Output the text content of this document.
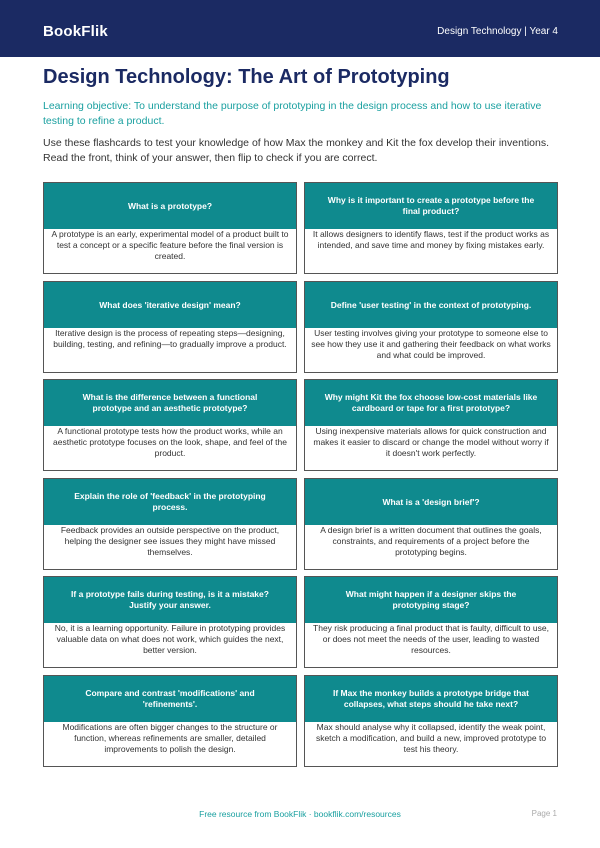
BookFlik	Design Technology | Year 4
Design Technology: The Art of Prototyping

Learning objective: To understand the purpose of prototyping in the design process and how to use iterative testing to refine a product.

Use these flashcards to test your knowledge of how Max the monkey and Kit the fox develop their inventions. Read the front, think of your answer, then flip to check if you are correct.

What is a prototype?
A prototype is an early, experimental model of a product built to test a concept or a specific feature before the final version is created.
Why is it important to create a prototype before the final product?
It allows designers to identify flaws, test if the product works as intended, and save time and money by fixing mistakes early.
What does 'iterative design' mean?
Iterative design is the process of repeating steps—designing, building, testing, and refining—to gradually improve a product.
Define 'user testing' in the context of prototyping.
User testing involves giving your prototype to someone else to see how they use it and gathering their feedback on what works and what could be improved.
What is the difference between a functional prototype and an aesthetic prototype?
A functional prototype tests how the product works, while an aesthetic prototype focuses on the look, shape, and feel of the product.
Why might Kit the fox choose low-cost materials like cardboard or tape for a first prototype?
Using inexpensive materials allows for quick construction and makes it easier to discard or change the model without worry if it doesn't work perfectly.
Explain the role of 'feedback' in the prototyping process.
Feedback provides an outside perspective on the product, helping the designer see issues they might have missed themselves.
What is a 'design brief'?
A design brief is a written document that outlines the goals, constraints, and requirements of a project before the prototyping begins.
If a prototype fails during testing, is it a mistake? Justify your answer.
No, it is a learning opportunity. Failure in prototyping provides valuable data on what does not work, which guides the next, better version.
What might happen if a designer skips the prototyping stage?
They risk producing a final product that is faulty, difficult to use, or does not meet the needs of the user, leading to wasted resources.
Compare and contrast 'modifications' and 'refinements'.
Modifications are often bigger changes to the structure or function, whereas refinements are smaller, detailed improvements to polish the design.
If Max the monkey builds a prototype bridge that collapses, what steps should he take next?
Max should analyse why it collapsed, identify the weak point, sketch a modification, and build a new, improved prototype to test his theory.
Free resource from BookFlik · bookflik.com/resources	Page 1
